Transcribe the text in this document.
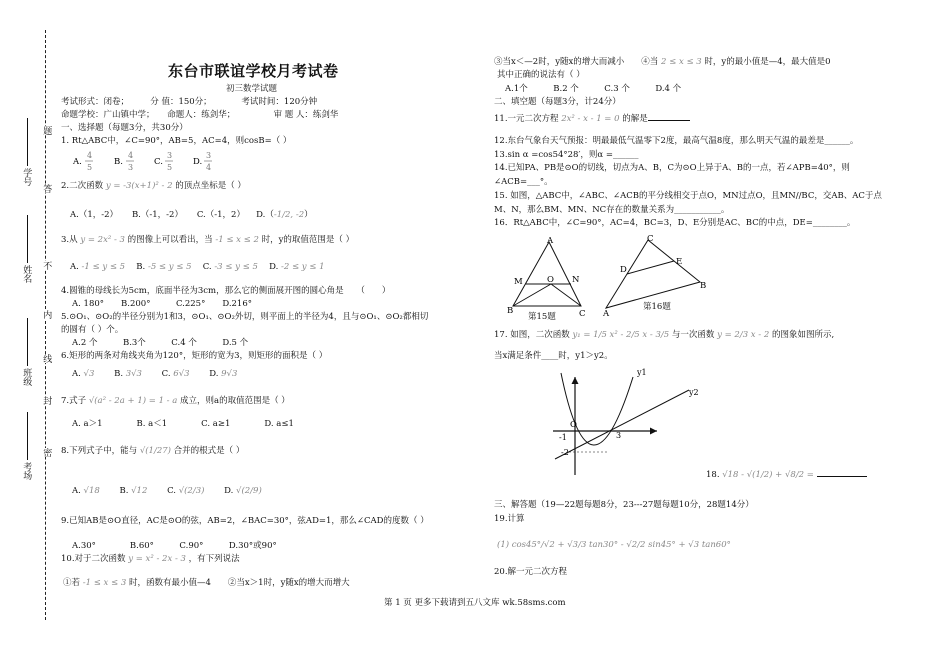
学号
姓名
班级
考场
题
答
不
内
线
封
密
东台市联谊学校月考试卷
初三数学试题
考试形式：闭卷；　　　分 值：150分；　　　　考试时间：120分钟
命题学校：广山镇中学；　　命题人：练剑华；　　　　　审 题 人：练剑华
一、选择题（每题3分，共30分）
1. Rt△ABC中，∠C=90°，AB=5，AC=4，则cosB=（ ）
A.
4
5
B.
4
3
C.
3
5
D.
3
4
2.二次函数 y = -3(x+1)² - 2 的顶点坐标是（ ）
A.（1，-2）  B.（-1，-2）  C.（-1，2）  D.（-1/2, -2）
3.从 y = 2x² - 3 的图像上可以看出，当 -1 ≤ x ≤ 2 时，y的取值范围是（ ）
A. -1 ≤ y ≤ 5  B. -5 ≤ y ≤ 5  C. -3 ≤ y ≤ 5  D. -2 ≤ y ≤ 1
4.圆锥的母线长为5cm，底面半径为3cm，那么它的侧面展开图的圆心角是　　（　　）
A. 180°　　B.200°　　　C.225°　　D.216°
5.⊙O₁、⊙O₂的半径分别为1和3，⊙O₁、⊙O₂外切，则平面上的半径为4，且与⊙O₁、⊙O₂都相切
的圆有（ ）个。
A.2 个　　　B.3个　　　C.4 个　　　D.5 个
6.矩形的两条对角线夹角为120°，矩形的宽为3，则矩形的面积是（ ）
A. √3   B. 3√3   C. 6√3   D. 9√3
7.式子 √(a² - 2a + 1) = 1 - a 成立，则a的取值范围是（ ）
A. a＞1　　　　B. a＜1　　　　C. a≥1　　　　D. a≤1
8.下列式子中，能与 √(1/27) 合并的根式是（ ）
A. √18   B. √12   C. √(2/3)   D. √(2/9)
9.已知AB是⊙O直径，AC是⊙O的弦，AB=2，∠BAC=30°，弦AD=1，那么∠CAD的度数（ ）
A.30°　　　　B.60°　　　C.90°　　　D.30°或90°
10.对于二次函数 y = x² - 2x - 3 ，有下列说法
①若 -1 ≤ x ≤ 3 时，函数有最小值—4　　②当x＞1时，y随x的增大而增大
③当x＜—2时，y随x的增大而减小　　④当 2 ≤ x ≤ 3 时，y的最小值是—4，最大值是0
其中正确的说法有（ ）
A.1个　　　B.2 个　　　C.3 个　　　D.4 个
二、填空题（每题3分，计24分）
11.一元二次方程 2x² - x - 1 = 0 的解是
12.东台气象台天气预报：明最最低气温零下2度，最高气温8度，那么明天气温的最差是______。
13.sin α =cos54°28′，则α =______
14.已知PA、PB是⊙O的切线，切点为A、B，C为⊙O上异于A、B的一点，若∠APB=40°，则
∠ACB=___°。
15. 如图，△ABC中，∠ABC、∠ACB的平分线相交于点O，MN过点O，且MN//BC，交AB、AC于点
M、N，那么BM、MN、NC存在的数量关系为___________。
16．Rt△ABC中，∠C=90°，AC=4，BC=3，D、E分别是AC、BC的中点，DE=________。
A
M	O N
B	C
第15题
C
D
E
A
B
第16题
17. 如图，二次函数 y₁ = 1/5 x² - 2/5 x - 3/5 与一次函数 y = 2/3 x - 2 的图象如图所示,
当x满足条件____时，y1＞y2。
y1
y2
O
-1	3
-2
18. √18 - √(1/2) + √8/2 =
三、解答题（19—22题每题8分，23---27题每题10分，28题14分）
19.计算
(1) cos45°/√2 + √3/3 tan30° - √2/2 sin45° + √3 tan60°
20.解一元二次方程
第 1 页 更多下载请到五八文库 wk.58sms.com
